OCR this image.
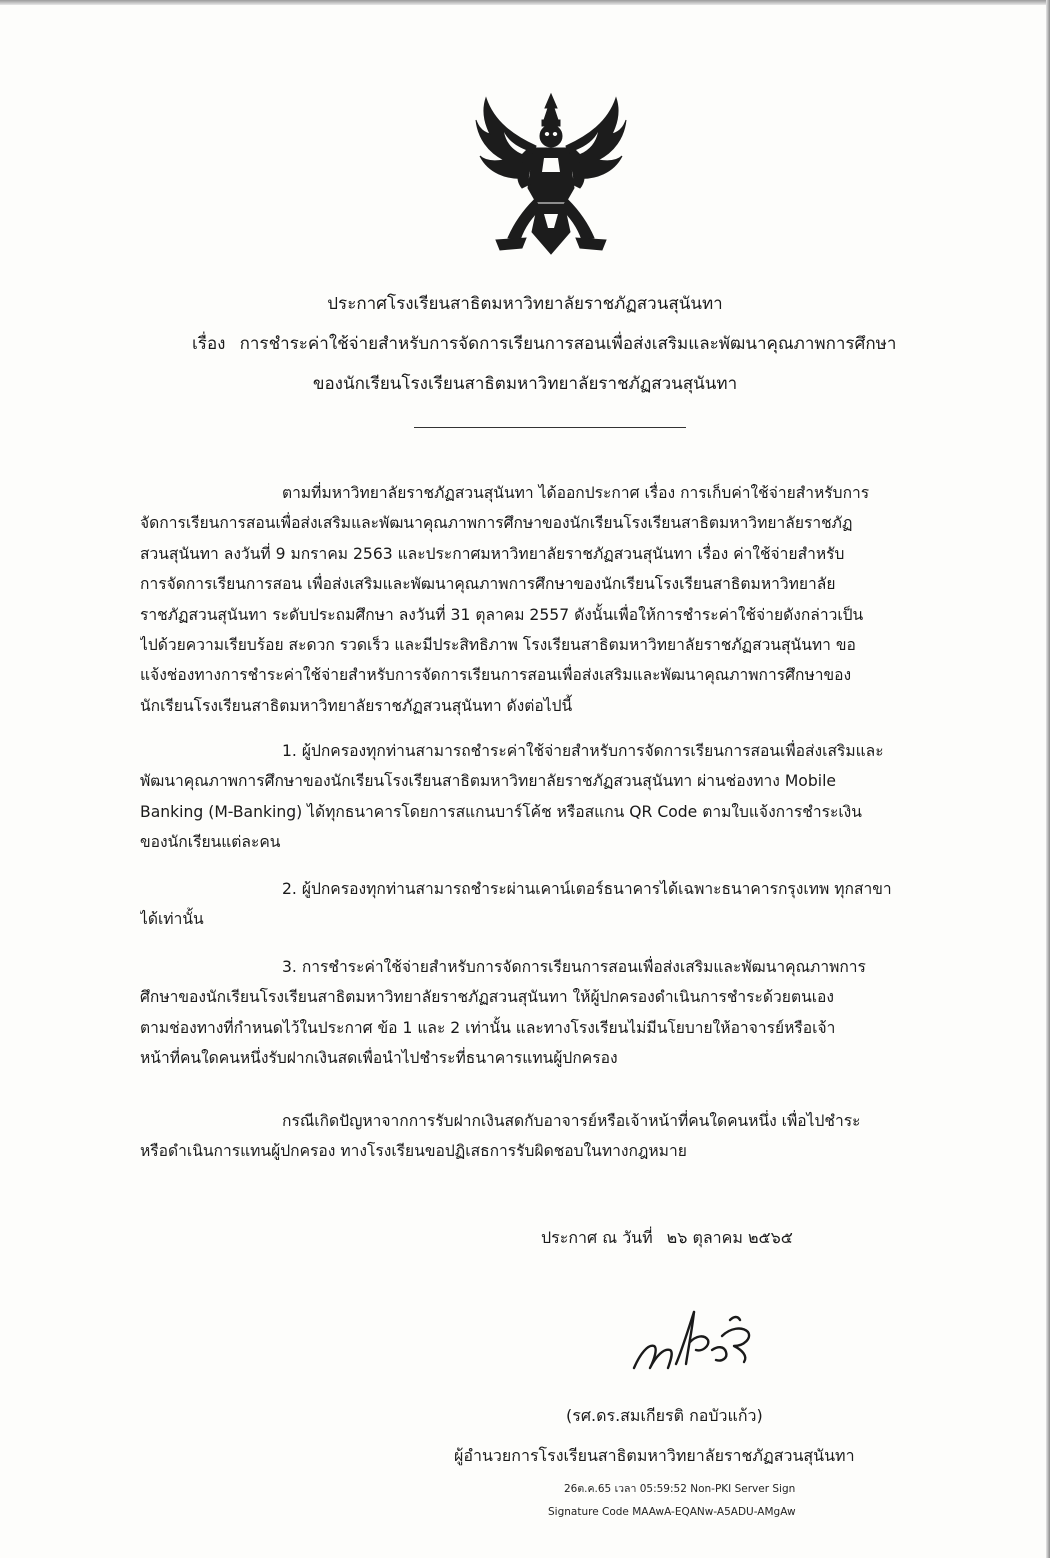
ประกาศโรงเรียนสาธิตมหาวิทยาลัยราชภัฏสวนสุนันทา
เรื่อง การชำระค่าใช้จ่ายสำหรับการจัดการเรียนการสอนเพื่อส่งเสริมและพัฒนาคุณภาพการศึกษา
ของนักเรียนโรงเรียนสาธิตมหาวิทยาลัยราชภัฏสวนสุนันทา
ตามที่มหาวิทยาลัยราชภัฏสวนสุนันทา ได้ออกประกาศ เรื่อง การเก็บค่าใช้จ่ายสำหรับการ
จัดการเรียนการสอนเพื่อส่งเสริมและพัฒนาคุณภาพการศึกษาของนักเรียนโรงเรียนสาธิตมหาวิทยาลัยราชภัฏ
สวนสุนันทา ลงวันที่ 9 มกราคม 2563 และประกาศมหาวิทยาลัยราชภัฏสวนสุนันทา เรื่อง ค่าใช้จ่ายสำหรับ
การจัดการเรียนการสอน เพื่อส่งเสริมและพัฒนาคุณภาพการศึกษาของนักเรียนโรงเรียนสาธิตมหาวิทยาลัย
ราชภัฏสวนสุนันทา ระดับประถมศึกษา ลงวันที่ 31 ตุลาคม 2557 ดังนั้นเพื่อให้การชำระค่าใช้จ่ายดังกล่าวเป็น
ไปด้วยความเรียบร้อย สะดวก รวดเร็ว และมีประสิทธิภาพ โรงเรียนสาธิตมหาวิทยาลัยราชภัฏสวนสุนันทา ขอ
แจ้งช่องทางการชำระค่าใช้จ่ายสำหรับการจัดการเรียนการสอนเพื่อส่งเสริมและพัฒนาคุณภาพการศึกษาของ
นักเรียนโรงเรียนสาธิตมหาวิทยาลัยราชภัฏสวนสุนันทา ดังต่อไปนี้
1. ผู้ปกครองทุกท่านสามารถชำระค่าใช้จ่ายสำหรับการจัดการเรียนการสอนเพื่อส่งเสริมและ
พัฒนาคุณภาพการศึกษาของนักเรียนโรงเรียนสาธิตมหาวิทยาลัยราชภัฏสวนสุนันทา ผ่านช่องทาง Mobile
Banking (M-Banking) ได้ทุกธนาคารโดยการสแกนบาร์โค้ช หรือสแกน QR Code ตามใบแจ้งการชำระเงิน
ของนักเรียนแต่ละคน
2. ผู้ปกครองทุกท่านสามารถชำระผ่านเคาน์เตอร์ธนาคารได้เฉพาะธนาคารกรุงเทพ ทุกสาขา
ได้เท่านั้น
3. การชำระค่าใช้จ่ายสำหรับการจัดการเรียนการสอนเพื่อส่งเสริมและพัฒนาคุณภาพการ
ศึกษาของนักเรียนโรงเรียนสาธิตมหาวิทยาลัยราชภัฏสวนสุนันทา ให้ผู้ปกครองดำเนินการชำระด้วยตนเอง
ตามช่องทางที่กำหนดไว้ในประกาศ ข้อ 1 และ 2 เท่านั้น และทางโรงเรียนไม่มีนโยบายให้อาจารย์หรือเจ้า
หน้าที่คนใดคนหนึ่งรับฝากเงินสดเพื่อนำไปชำระที่ธนาคารแทนผู้ปกครอง
กรณีเกิดปัญหาจากการรับฝากเงินสดกับอาจารย์หรือเจ้าหน้าที่คนใดคนหนึ่ง เพื่อไปชำระ
หรือดำเนินการแทนผู้ปกครอง ทางโรงเรียนขอปฏิเสธการรับผิดชอบในทางกฎหมาย
ประกาศ ณ วันที่ ๒๖ ตุลาคม ๒๕๖๕
(รศ.ดร.สมเกียรติ กอบัวแก้ว)
ผู้อำนวยการโรงเรียนสาธิตมหาวิทยาลัยราชภัฏสวนสุนันทา
26ต.ค.65 เวลา 05:59:52 Non-PKI Server Sign
Signature Code MAAwA-EQANw-A5ADU-AMgAw
